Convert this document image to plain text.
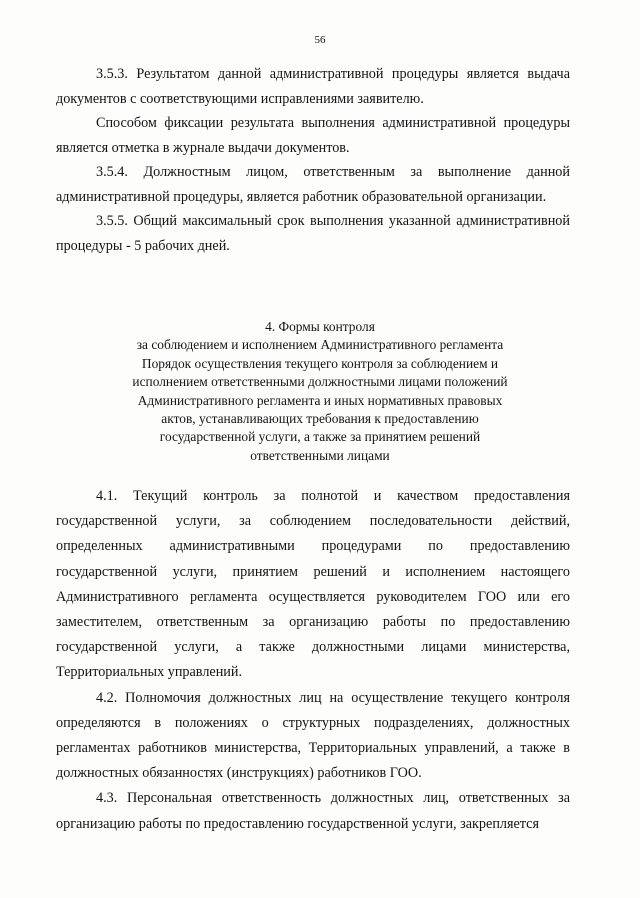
56

3.5.3. Результатом данной административной процедуры является выдача документов с соответствующими исправлениями заявителю.

Способом фиксации результата выполнения административной процедуры является отметка в журнале выдачи документов.

3.5.4. Должностным лицом, ответственным за выполнение данной административной процедуры, является работник образовательной организации.

3.5.5. Общий максимальный срок выполнения указанной административной процедуры - 5 рабочих дней.

4. Формы контроля
за соблюдением и исполнением Административного регламента
Порядок осуществления текущего контроля за соблюдением и
исполнением ответственными должностными лицами положений
Административного регламента и иных нормативных правовых
актов, устанавливающих требования к предоставлению
государственной услуги, а также за принятием решений
ответственными лицами

4.1. Текущий контроль за полнотой и качеством предоставления государственной услуги, за соблюдением последовательности действий, определенных административными процедурами по предоставлению государственной услуги, принятием решений и исполнением настоящего Административного регламента осуществляется руководителем ГОО или его заместителем, ответственным за организацию работы по предоставлению государственной услуги, а также должностными лицами министерства, Территориальных управлений.

4.2. Полномочия должностных лиц на осуществление текущего контроля определяются в положениях о структурных подразделениях, должностных регламентах работников министерства, Территориальных управлений, а также в должностных обязанностях (инструкциях) работников ГОО.

4.3. Персональная ответственность должностных лиц, ответственных за организацию работы по предоставлению государственной услуги, закрепляется
